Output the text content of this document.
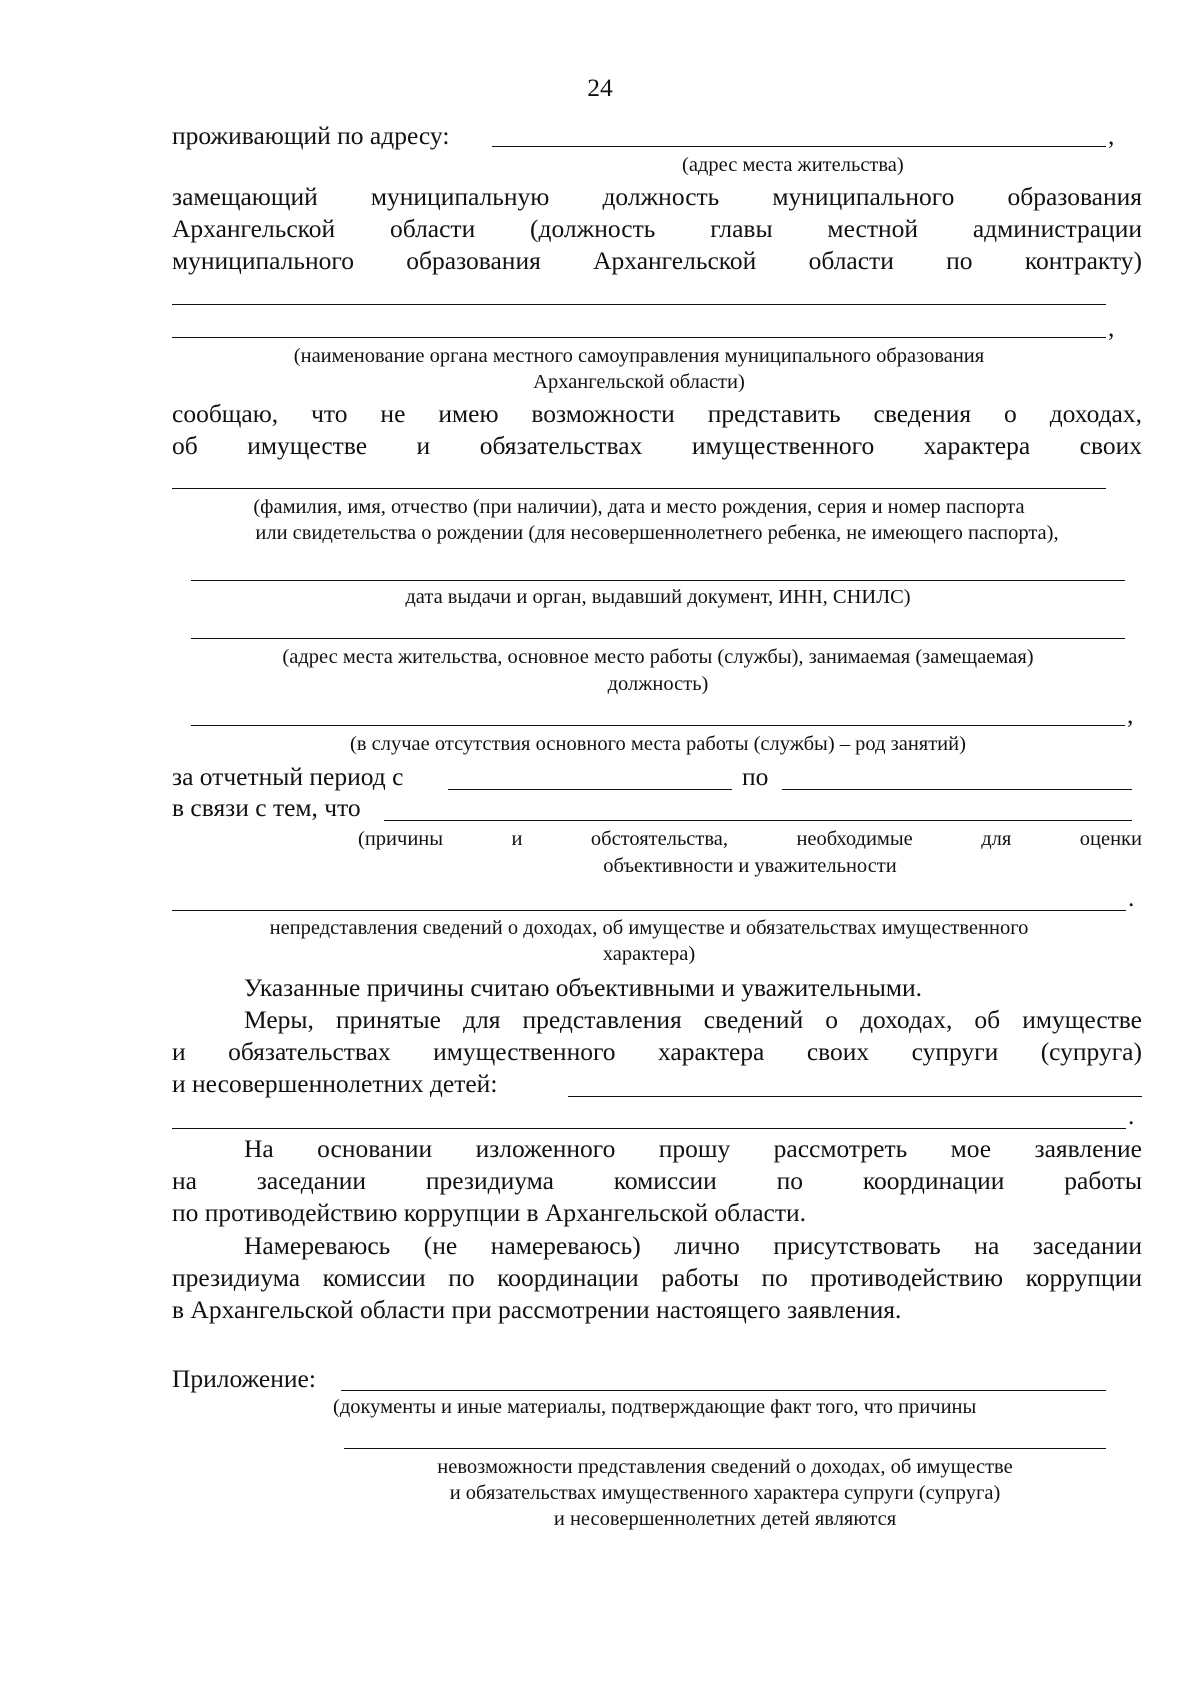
24
проживающий по адресу:	,
(адрес места жительства)
замещающий муниципальную должность муниципального образования
Архангельской области (должность главы местной администрации
муниципального образования Архангельской области по контракту)
,
(наименование органа местного самоуправления муниципального образования
Архангельской области)
сообщаю, что не имею возможности представить сведения о доходах,
об имуществе и обязательствах имущественного характера своих
(фамилия, имя, отчество (при наличии), дата и место рождения, серия и номер паспорта
или свидетельства о рождении (для несовершеннолетнего ребенка, не имеющего паспорта),
дата выдачи и орган, выдавший документ, ИНН, СНИЛС)
(адрес места жительства, основное место работы (службы), занимаемая (замещаемая)
должность)
,
(в случае отсутствия основного места работы (службы) – род занятий)
за отчетный период с	по
в связи с тем, что
(причины и обстоятельства, необходимые для оценки
объективности и уважительности
.
непредставления сведений о доходах, об имуществе и обязательствах имущественного
характера)
Указанные причины считаю объективными и уважительными.
Меры, принятые для представления сведений о доходах, об имуществе
и обязательствах имущественного характера своих супруги (супруга)
и несовершеннолетних детей:
.
На основании изложенного прошу рассмотреть мое заявление
на заседании президиума комиссии по координации работы
по противодействию коррупции в Архангельской области.
Намереваюсь (не намереваюсь) лично присутствовать на заседании
президиума комиссии по координации работы по противодействию коррупции
в Архангельской области при рассмотрении настоящего заявления.
Приложение:
(документы и иные материалы, подтверждающие факт того, что причины
невозможности представления сведений о доходах, об имуществе
и обязательствах имущественного характера супруги (супруга)
и несовершеннолетних детей являются
